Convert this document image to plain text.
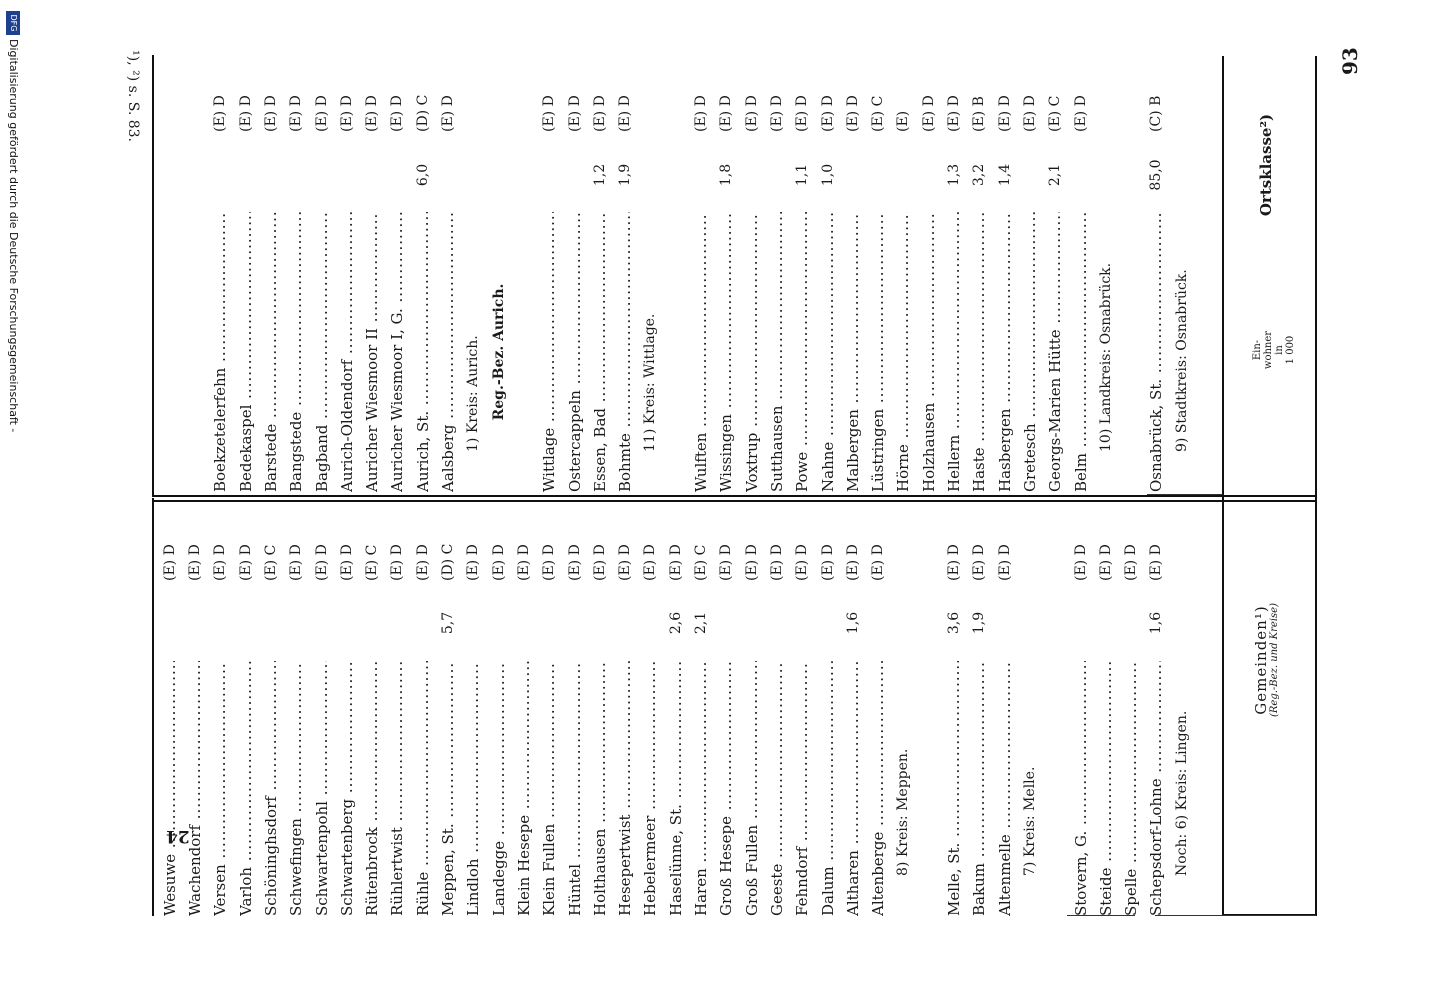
93
Gemeinden¹) (Reg.-Bez. und Kreise)
Ein-
wohner
in
1 000
Ortsklasse²)
Noch: 6) Kreis: Lingen.
Schepsdorf-Lohne .....
1,6
(E) D
Spelle .....
(E) D
Steide .....
(E) D
Stovern, G. .....
(E) D
7) Kreis: Melle.
Altenmelle .....
(E) D
Bakum .....
1,9
(E) D
Melle, St. .....
3,6
(E) D
8) Kreis: Meppen.
Altenberge .....
(E) D
Altharen .....
1,6
(E) D
Dalum .....
(E) D
Fehndorf .....
(E) D
Geeste .....
(E) D
Groß Fullen .....
(E) D
Groß Hesepe .....
(E) D
Haren .....
2,1
(E) C
Haselünne, St. .....
2,6
(E) D
Hebelermeer .....
(E) D
Hesepertwist .....
(E) D
Holthausen .....
(E) D
Hüntel .....
(E) D
Klein Fullen .....
(E) D
Klein Hesepe .....
(E) D
Landegge .....
(E) D
Lindloh .....
(E) D
Meppen, St. .....
5,7
(D) C
Rühle .....
(E) D
Rühlertwist .....
(E) D
Rütenbrock .....
(E) C
Schwartenberg .....
(E) D
Schwartenpohl .....
(E) D
Schwefingen .....
(E) D
Schöninghsdorf .....
(E) C
Varloh .....
(E) D
Versen .....
(E) D
Wachendorf .....
(E) D
Wesuwe .....
(E) D
9) Stadtkreis: Osnabrück.
Osnabrück, St. .....
85,0
(C) B
10) Landkreis: Osnabrück.
Belm .....
(E) D
Georgs-Marien Hütte .....
2,1
(E) C
Gretesch .....
(E) D
Hasbergen .....
1,4
(E) D
Haste .....
3,2
(E) B
Hellern .....
1,3
(E) D
Holzhausen .....
(E) D
Hörne .....
(E)
Lüstringen .....
(E) C
Malbergen .....
(E) D
Nahne .....
1,0
(E) D
Powe .....
1,1
(E) D
Sutthausen .....
(E) D
Voxtrup .....
(E) D
Wissingen .....
1,8
(E) D
Wulften .....
(E) D
11) Kreis: Wittlage.
Bohmte .....
1,9
(E) D
Essen, Bad .....
1,2
(E) D
Ostercappeln .....
(E) D
Wittlage .....
(E) D
Reg.-Bez. Aurich.
1) Kreis: Aurich.
Aalsberg .....
(E) D
Aurich, St. .....
6,0
(D) C
Auricher Wiesmoor I, G. .....
(E) D
Auricher Wiesmoor II .....
(E) D
Aurich-Oldendorf .....
(E) D
Bagband .....
(E) D
Bangstede .....
(E) D
Barstede .....
(E) D
Bedekaspel .....
(E) D
Boekzetelerfehn .....
(E) D
¹), ²) s. S. 83.
24
DFG
Digitalisierung gefördert durch die Deutsche Forschungsgemeinschaft -
